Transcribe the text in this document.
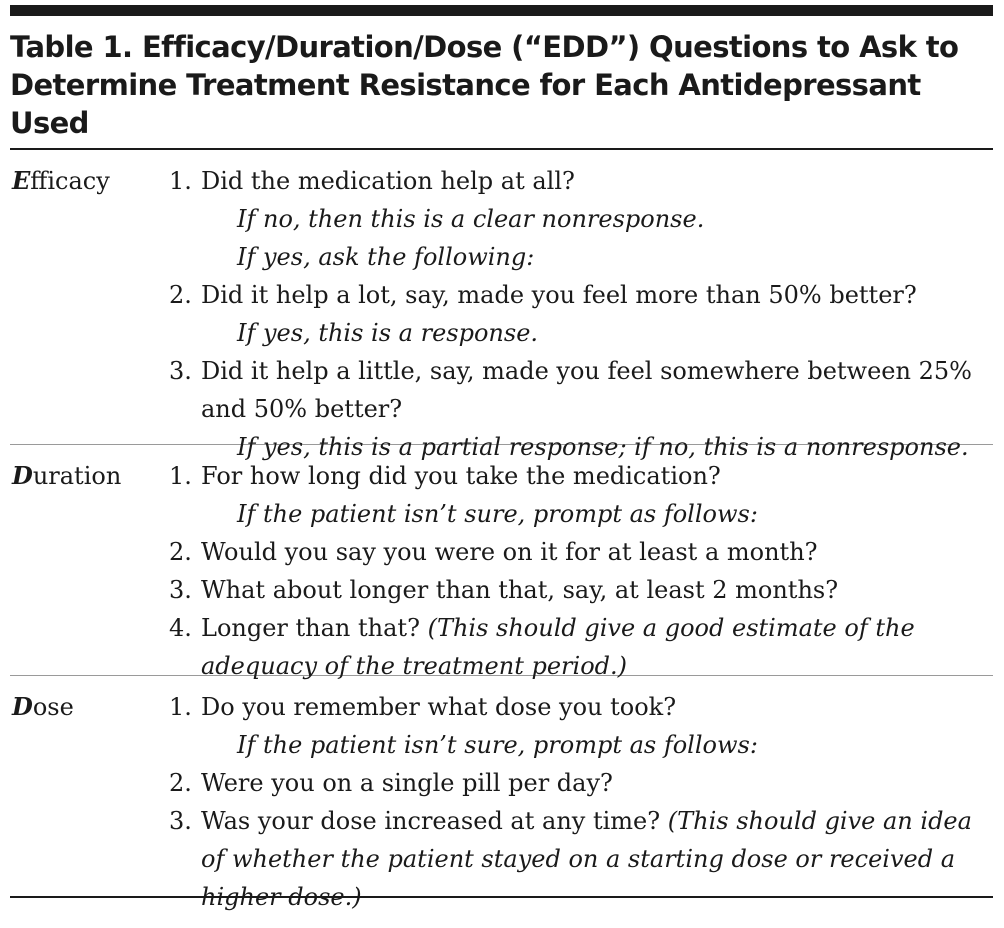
Table 1. Efficacy/Duration/Dose (“EDD”) Questions to Ask to Determine Treatment Resistance for Each Antidepressant Used
Efficacy	1. Did the medication help at all?
If no, then this is a clear nonresponse.
If yes, ask the following:
2. Did it help a lot, say, made you feel more than 50% better?
If yes, this is a response.
3. Did it help a little, say, made you feel somewhere between 25% and 50% better?
If yes, this is a partial response; if no, this is a nonresponse.
Duration	1. For how long did you take the medication?
If the patient isn’t sure, prompt as follows:
2. Would you say you were on it for at least a month?
3. What about longer than that, say, at least 2 months?
4. Longer than that? (This should give a good estimate of the adequacy of the treatment period.)
Dose	1. Do you remember what dose you took?
If the patient isn’t sure, prompt as follows:
2. Were you on a single pill per day?
3. Was your dose increased at any time? (This should give an idea of whether the patient stayed on a starting dose or received a higher dose.)
